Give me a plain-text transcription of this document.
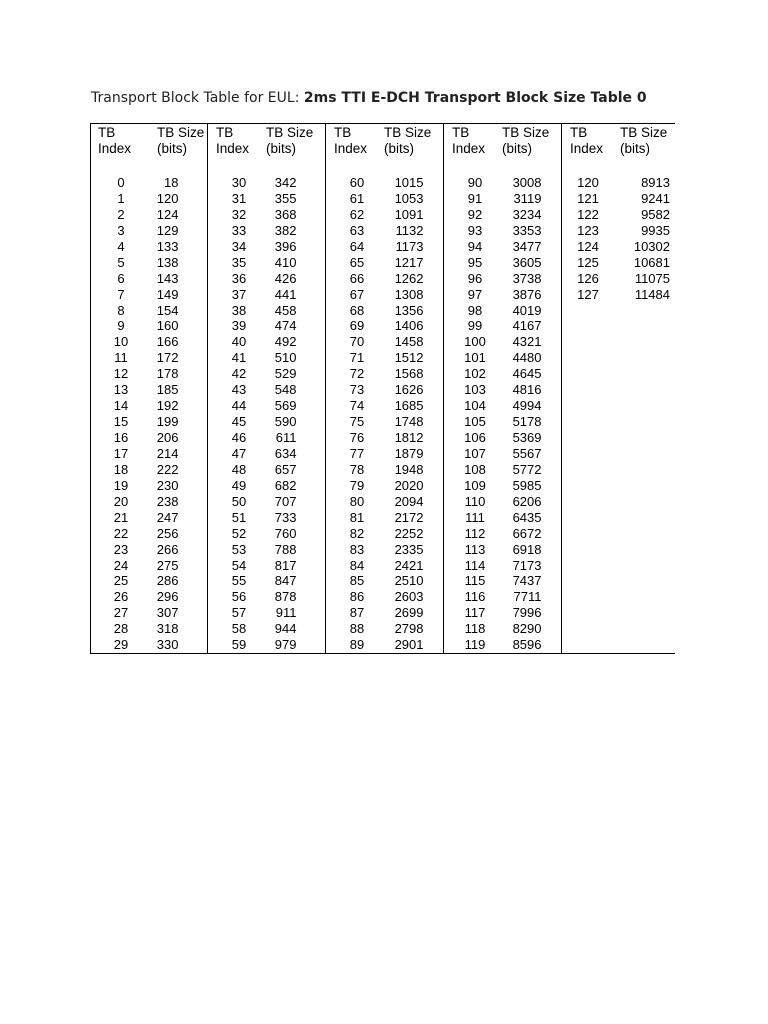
Transport Block Table for EUL: 2ms TTI E-DCH Transport Block Size Table 0
TB
Index
TB Size
(bits)
0	18
1	120
2	124
3	129
4	133
5	138
6	143
7	149
8	154
9	160
10	166
11	172
12	178
13	185
14	192
15	199
16	206
17	214
18	222
19	230
20	238
21	247
22	256
23	266
24	275
25	286
26	296
27	307
28	318
29	330
TB
Index
TB Size
(bits)
30	342
31	355
32	368
33	382
34	396
35	410
36	426
37	441
38	458
39	474
40	492
41	510
42	529
43	548
44	569
45	590
46	611
47	634
48	657
49	682
50	707
51	733
52	760
53	788
54	817
55	847
56	878
57	911
58	944
59	979
TB
Index
TB Size
(bits)
60	1015
61	1053
62	1091
63	1132
64	1173
65	1217
66	1262
67	1308
68	1356
69	1406
70	1458
71	1512
72	1568
73	1626
74	1685
75	1748
76	1812
77	1879
78	1948
79	2020
80	2094
81	2172
82	2252
83	2335
84	2421
85	2510
86	2603
87	2699
88	2798
89	2901
TB
Index
TB Size
(bits)
90	3008
91	3119
92	3234
93	3353
94	3477
95	3605
96	3738
97	3876
98	4019
99	4167
100	4321
101	4480
102	4645
103	4816
104	4994
105	5178
106	5369
107	5567
108	5772
109	5985
110	6206
111	6435
112	6672
113	6918
114	7173
115	7437
116	7711
117	7996
118	8290
119	8596
TB
Index
TB Size
(bits)
120	8913
121	9241
122	9582
123	9935
124	10302
125	10681
126	11075
127	11484
